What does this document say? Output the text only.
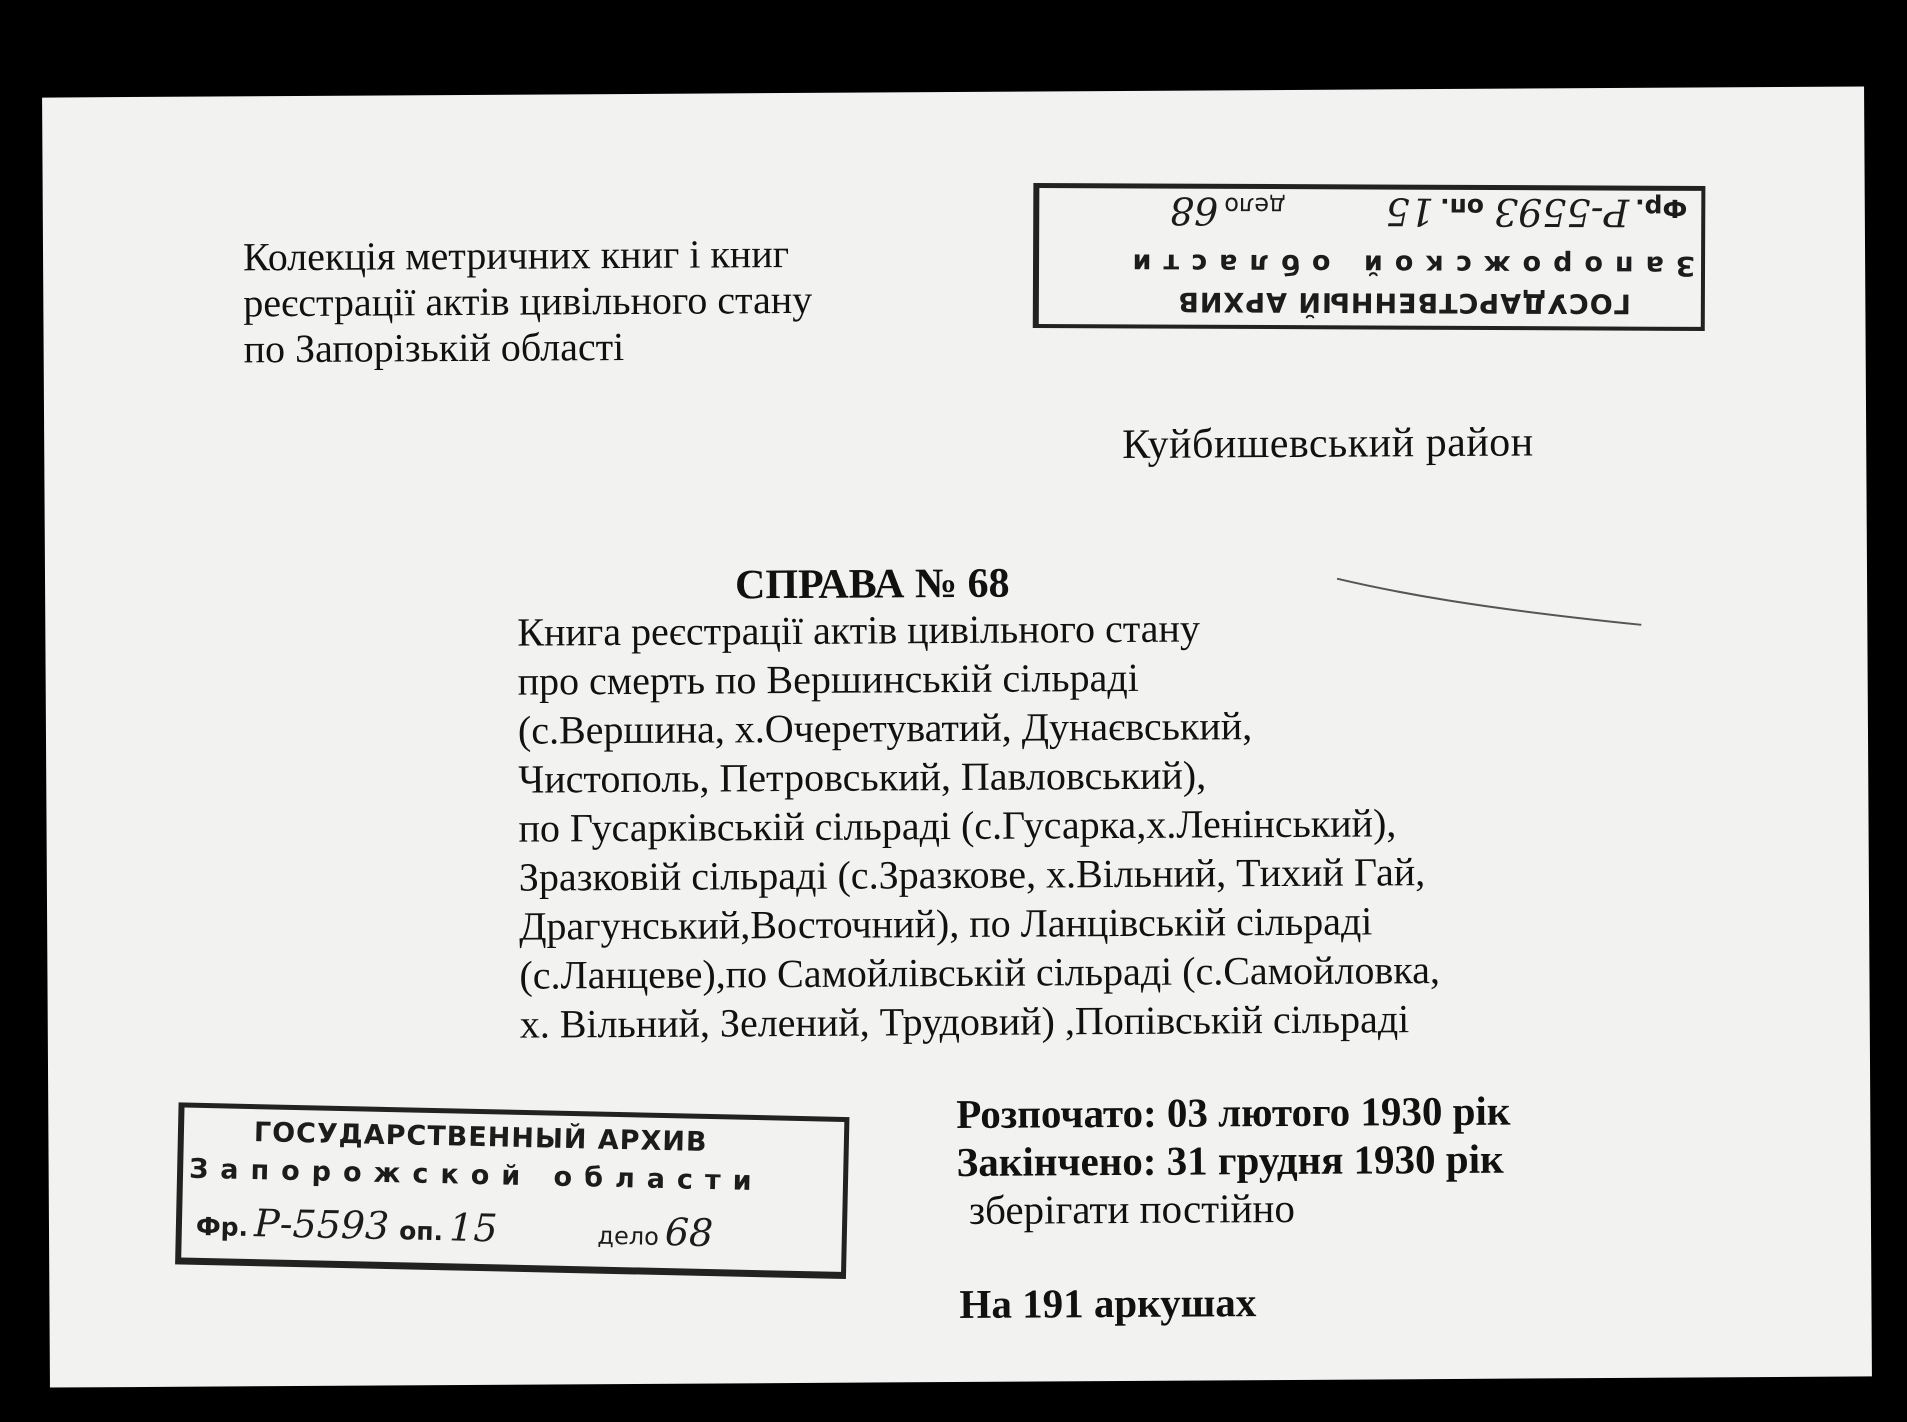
Колекція метричних книг і книг
реєстрації актів цивільного стану
по Запорізькій області
ГОСУДАРСТВЕННЫЙ АРХИВ
Запорожской области
Фр.Р-5593оп.15дело68
Куйбишевський район
СПРАВА № 68
Книга реєстрації актів цивільного стану
про смерть по Вершинській сільраді
(с.Вершина, х.Очеретуватий, Дунаєвський,
Чистополь, Петровський, Павловський),
по Гусарківській сільраді (с.Гусарка,х.Ленінський),
Зразковій сільраді (с.Зразкове, х.Вільний, Тихий Гай,
Драгунський,Восточний), по Ланцівській сільраді
(с.Ланцеве),по Самойлівській сільраді (с.Самойловка,
х. Вільний, Зелений, Трудовий) ,Попівській сільраді
ГОСУДАРСТВЕННЫЙ АРХИВ
Запорожской области
Фр. Р-5593 оп. 15	дело 68
Розпочато: 03 лютого 1930 рік
Закінчено: 31 грудня 1930 рік
зберігати постійно
На 191 аркушах
